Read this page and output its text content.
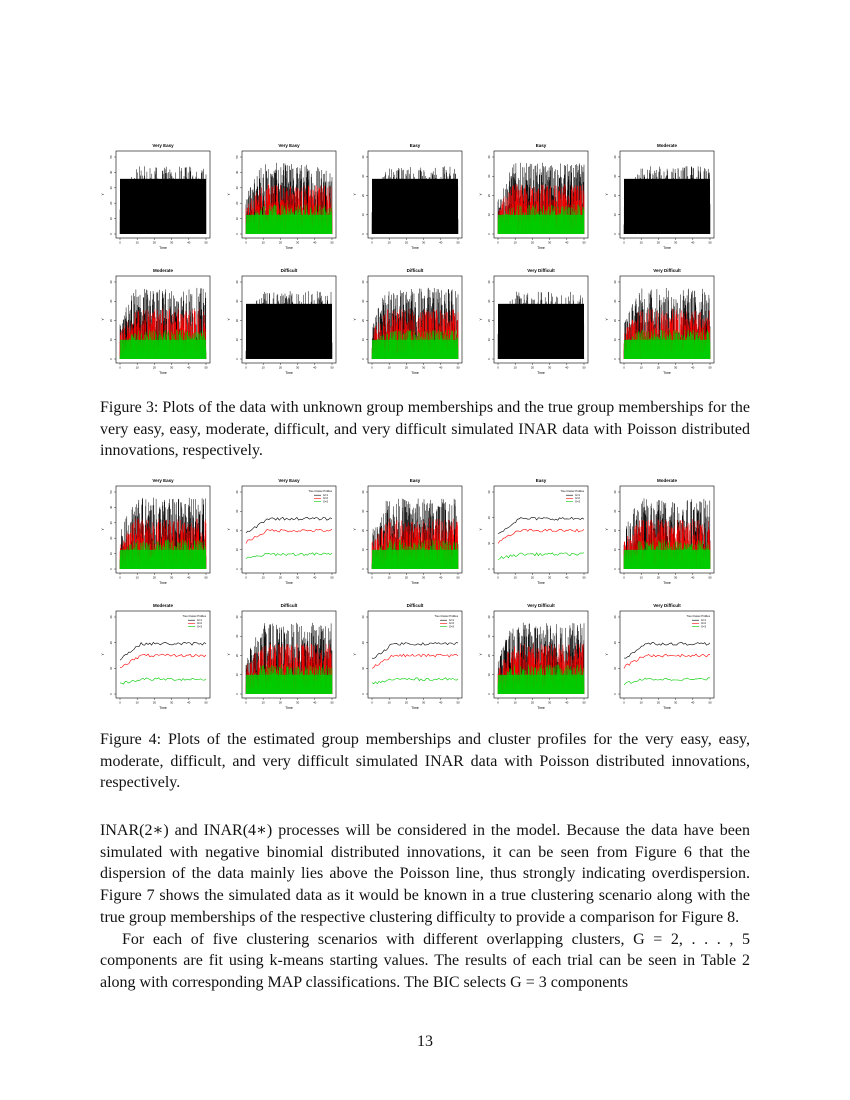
Very Easy
Time
Y
0	10	20	30	40	50
0
10
20
30
40
50
Very Easy
Time
Y
0	10	20	30	40	50
0
10
20
30
40
50
Easy
Time
Y
0	10	20	30	40	50
0
10
20
30
40
Easy
Time
Y
0	10	20	30	40	50
0
10
20
30
40
Moderate
Time
Y
0	10	20	30	40	50
0
10
20
30
40
Moderate
Time
Y
0	10	20	30	40	50
0
10
20
30
40
Difficult
Time
Y
0	10	20	30	40	50
0
10
20
30
40
Difficult
Time
Y
0	10	20	30	40	50
0
10
20
30
40
Very Difficult
Time
Y
0	10	20	30	40	50
0
10
20
30
40
Very Difficult
Time
Y
0	10	20	30	40	50
0
10
20
30
40

Figure 3: Plots of the data with unknown group memberships and the true group memberships for the very easy, easy, moderate, difficult, and very difficult simulated INAR data with Poisson distributed innovations, respectively.

Very Easy
Time
Y
0	10	20	30	40	50
0
10
20
30
40
50
Very Easy
Time
Y
True Cluster Profiles
G=1
G=2
G=3
0	10	20	30	40	50
0
10
20
30
40
Easy
Time
Y
0	10	20	30	40	50
0
10
20
30
40
Easy
Time
Y
True Cluster Profiles
G=1
G=2
G=3
0	10	20	30	40	50
0
10
20
30
Moderate
Time
Y
0	10	20	30	40	50
0
10
20
30
40
Moderate
Time
Y
True Cluster Profiles
G=1
G=2
G=3
0	10	20	30	40	50
0
10
20
30
Difficult
Time
Y
0	10	20	30	40	50
0
10
20
30
40
Difficult
Time
Y
True Cluster Profiles
G=1
G=2
G=3
0	10	20	30	40	50
0
10
20
30
Very Difficult
Time
Y
0	10	20	30	40	50
0
10
20
30
40
Very Difficult
Time
Y
True Cluster Profiles
G=1
G=2
G=3
0	10	20	30	40	50
0
10
20
30

Figure 4: Plots of the estimated group memberships and cluster profiles for the very easy, easy, moderate, difficult, and very difficult simulated INAR data with Poisson distributed innovations, respectively.

INAR(2∗) and INAR(4∗) processes will be considered in the model. Because the data have been simulated with negative binomial distributed innovations, it can be seen from Figure 6 that the dispersion of the data mainly lies above the Poisson line, thus strongly indicating overdispersion. Figure 7 shows the simulated data as it would be known in a true clustering scenario along with the true group memberships of the respective clustering difficulty to provide a comparison for Figure 8.

For each of five clustering scenarios with different overlapping clusters, G = 2, . . . , 5 components are fit using k-means starting values. The results of each trial can be seen in Table 2 along with corresponding MAP classifications. The BIC selects G = 3 components

13
